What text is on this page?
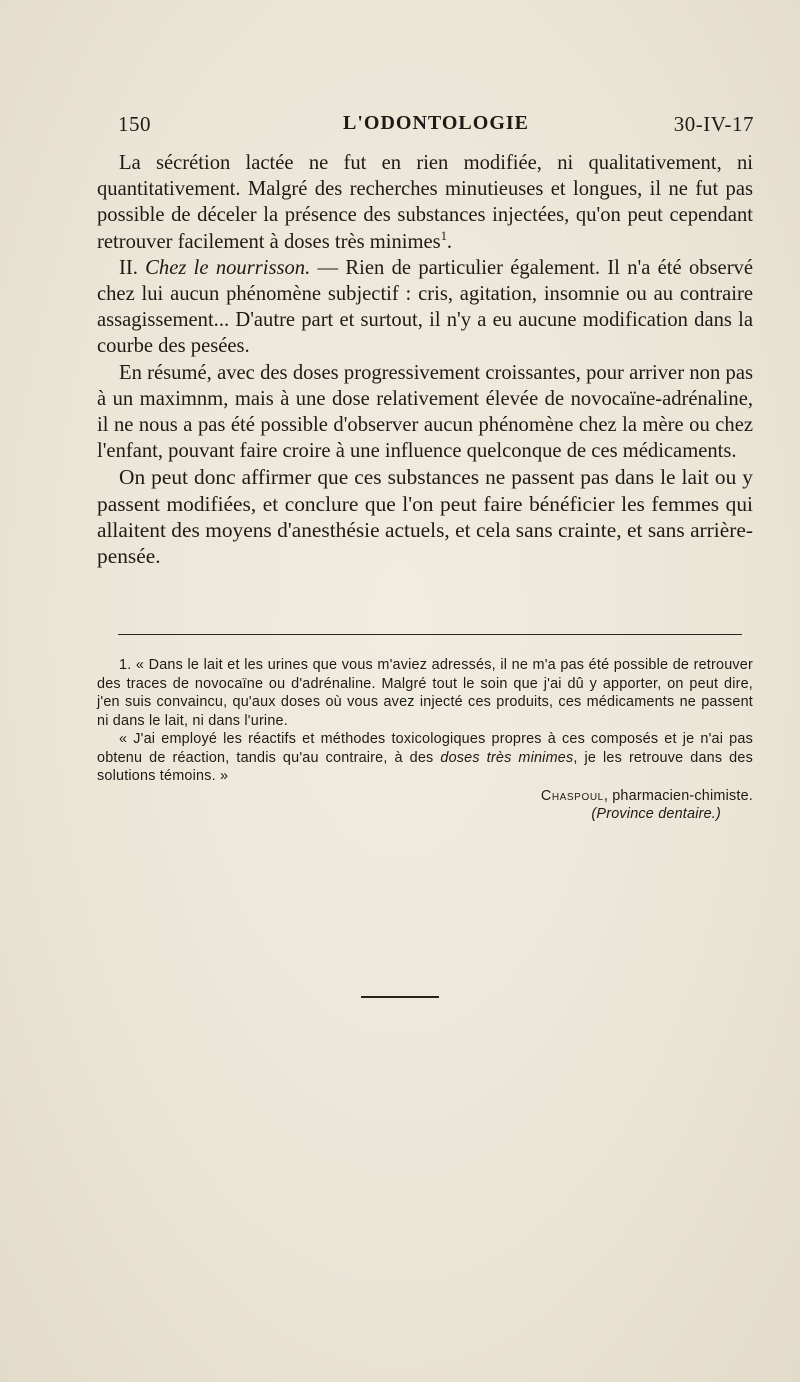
150	L'ODONTOLOGIE	30-IV-17

La sécrétion lactée ne fut en rien modifiée, ni qualitativement, ni quantitativement. Malgré des recherches minutieuses et longues, il ne fut pas possible de déceler la présence des substances injectées, qu'on peut cependant retrouver facilement à doses très minimes$^1$.

II. Chez le nourrisson. — Rien de particulier également. Il n'a été observé chez lui aucun phénomène subjectif : cris, agitation, insomnie ou au contraire assagissement... D'autre part et surtout, il n'y a eu aucune modification dans la courbe des pesées.

En résumé, avec des doses progressivement croissantes, pour arriver non pas à un maximnm, mais à une dose relativement élevée de novocaïne-adrénaline, il ne nous a pas été possible d'observer aucun phénomène chez la mère ou chez l'enfant, pouvant faire croire à une influence quelconque de ces médicaments.

On peut donc affirmer que ces substances ne passent pas dans le lait ou y passent modifiées, et conclure que l'on peut faire bénéficier les femmes qui allaitent des moyens d'anesthésie actuels, et cela sans crainte, et sans arrière-pensée.

1. « Dans le lait et les urines que vous m'aviez adressés, il ne m'a pas été possible de retrouver des traces de novocaïne ou d'adrénaline. Malgré tout le soin que j'ai dû y apporter, on peut dire, j'en suis convaincu, qu'aux doses où vous avez injecté ces produits, ces médicaments ne passent ni dans le lait, ni dans l'urine.

« J'ai employé les réactifs et méthodes toxicologiques propres à ces composés et je n'ai pas obtenu de réaction, tandis qu'au contraire, à des doses très minimes, je les retrouve dans des solutions témoins. »

Chaspoul, pharmacien-chimiste.
(Province dentaire.)
